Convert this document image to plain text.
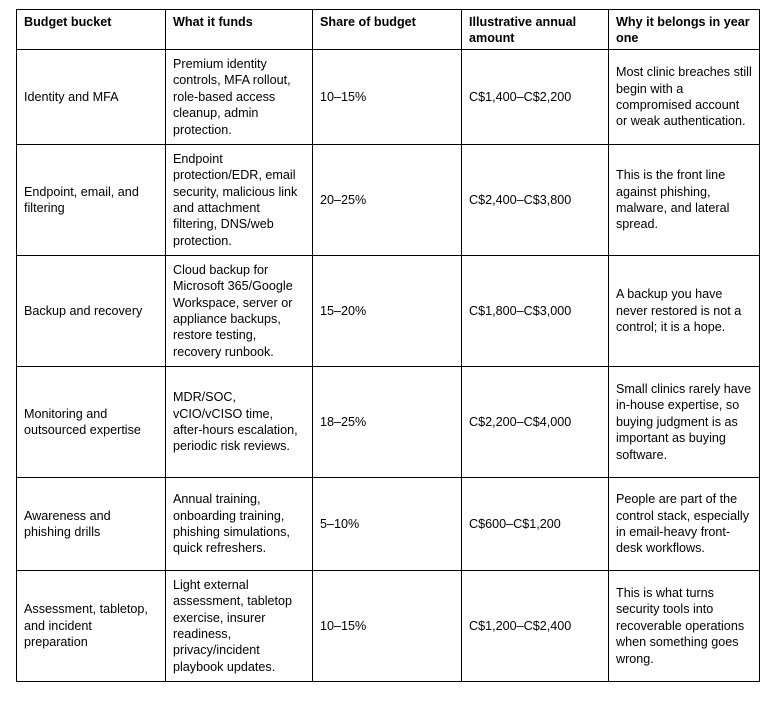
Budget bucket	What it funds	Share of budget	Illustrative annual amount	Why it belongs in year one
Identity and MFA	Premium identity controls, MFA rollout, role-based access cleanup, admin protection.	10–15%	C$1,400–C$2,200	Most clinic breaches still begin with a compromised account or weak authentication.
Endpoint, email, and filtering	Endpoint protection/EDR, email security, malicious link and attachment filtering, DNS/web protection.	20–25%	C$2,400–C$3,800	This is the front line against phishing, malware, and lateral spread.
Backup and recovery	Cloud backup for Microsoft 365/Google Workspace, server or appliance backups, restore testing, recovery runbook.	15–20%	C$1,800–C$3,000	A backup you have never restored is not a control; it is a hope.
Monitoring and outsourced expertise	MDR/SOC, vCIO/vCISO time, after-hours escalation, periodic risk reviews.	18–25%	C$2,200–C$4,000	Small clinics rarely have in-house expertise, so buying judgment is as important as buying software.
Awareness and phishing drills	Annual training, onboarding training, phishing simulations, quick refreshers.	5–10%	C$600–C$1,200	People are part of the control stack, especially in email-heavy front-desk workflows.
Assessment, tabletop, and incident preparation	Light external assessment, tabletop exercise, insurer readiness, privacy/incident playbook updates.	10–15%	C$1,200–C$2,400	This is what turns security tools into recoverable operations when something goes wrong.
